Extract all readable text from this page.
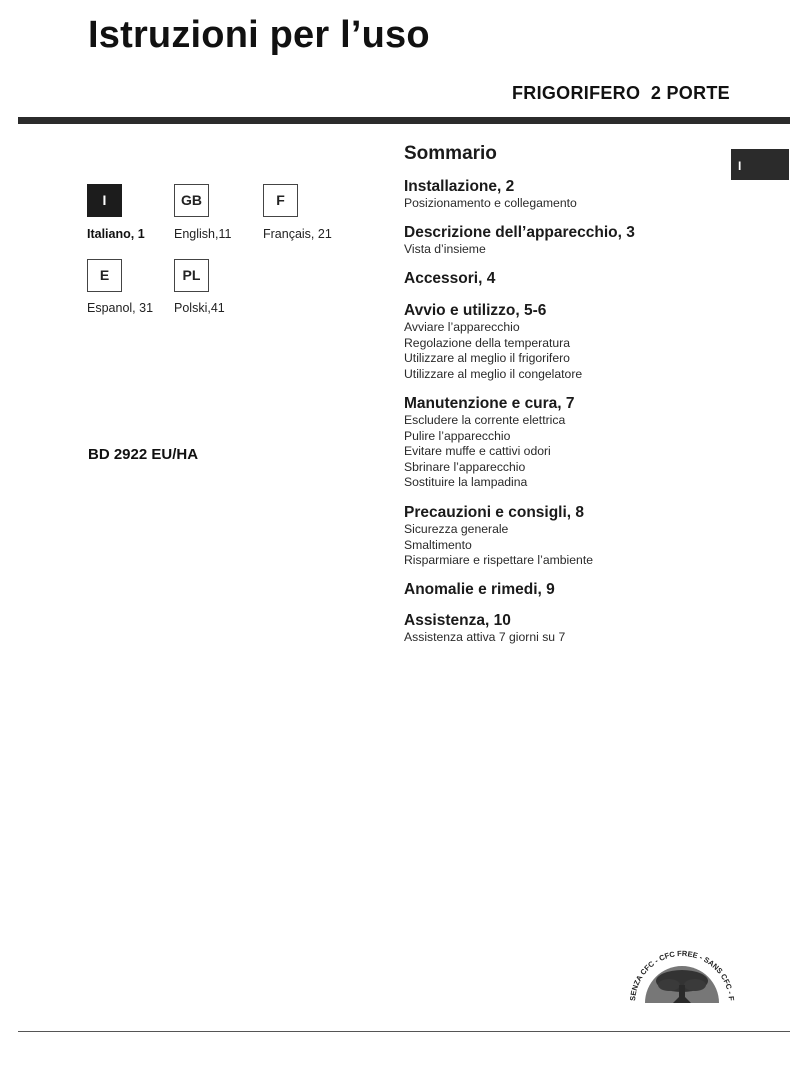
Istruzioni per l’uso
FRIGORIFERO  2 PORTE
I
I	GB	F
Italiano, 1 English,11	Français, 21
E	PL
Espanol, 31 Polski,41
BD 2922 EU/HA
Sommario
Installazione, 2
Posizionamento e collegamento
Descrizione dell’apparecchio, 3
Vista d’insieme
Accessori, 4
Avvio e utilizzo, 5-6
Avviare l’apparecchio
Regolazione della temperatura
Utilizzare al meglio il frigorifero
Utilizzare al meglio il congelatore
Manutenzione e cura, 7
Escludere la corrente elettrica
Pulire l’apparecchio
Evitare muffe e cattivi odori
Sbrinare l’apparecchio
Sostituire la lampadina
Precauzioni e consigli, 8
Sicurezza generale
Smaltimento
Risparmiare e rispettare l’ambiente
Anomalie e rimedi, 9
Assistenza, 10
Assistenza attiva 7 giorni su 7
SENZA CFC - CFC FREE - SANS CFC - F
